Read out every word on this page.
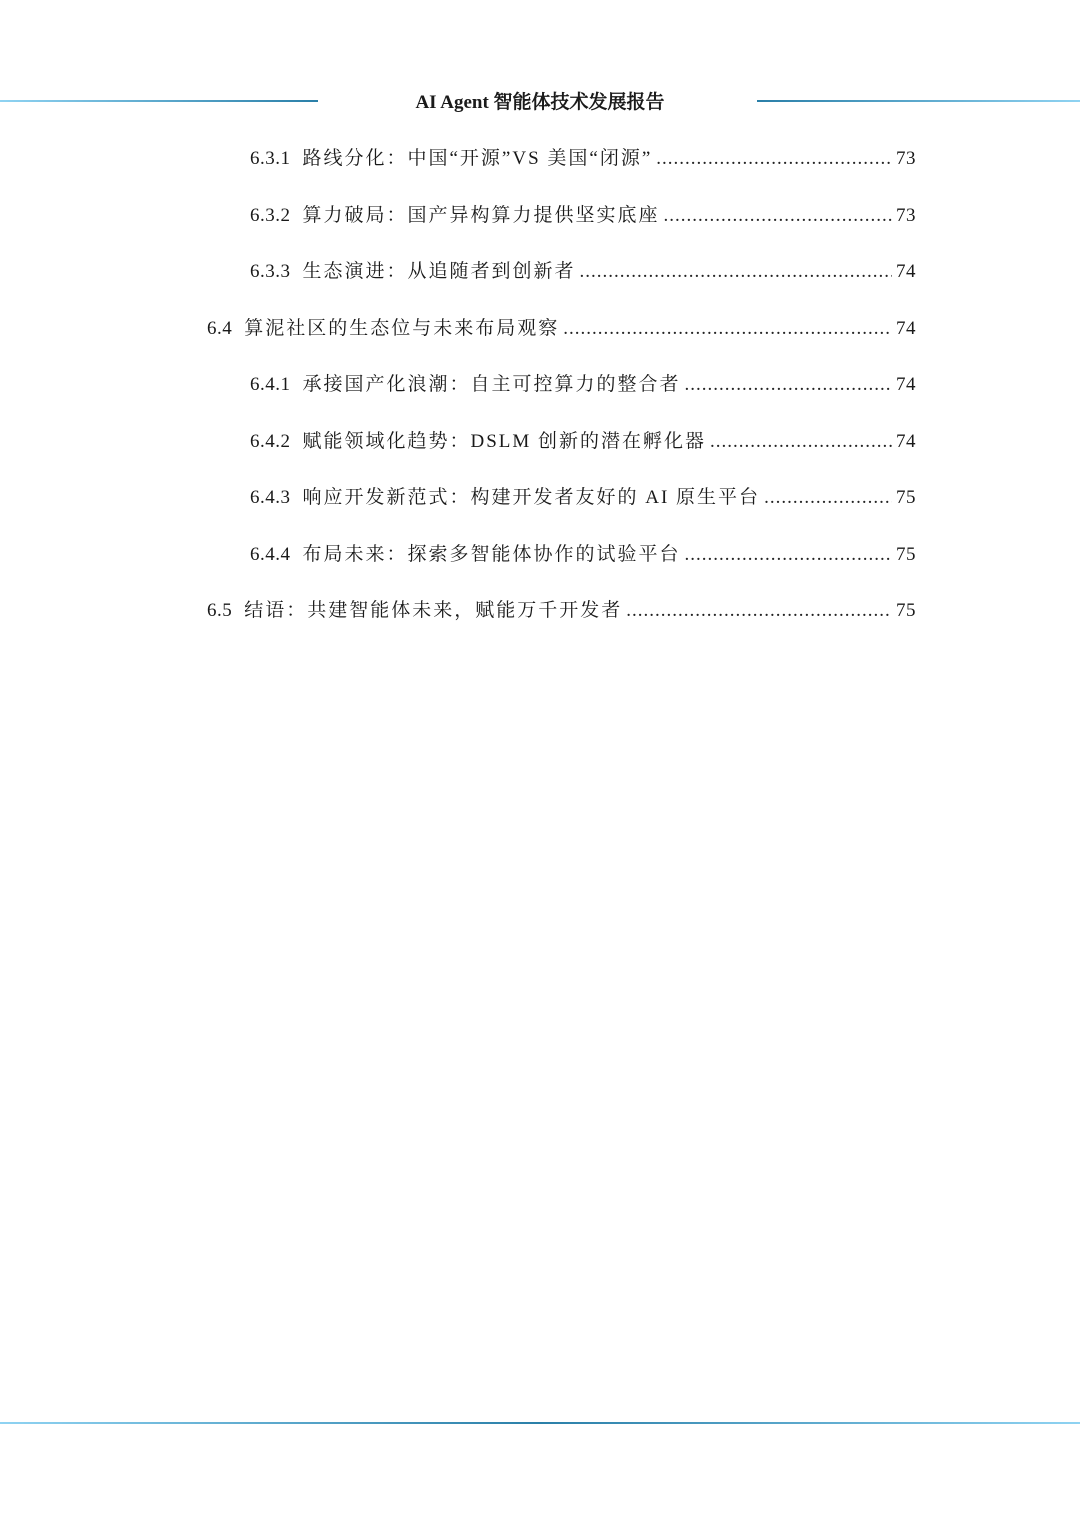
AI Agent 智能体技术发展报告
6.3.1 路线分化：中国“开源”VS 美国“闭源” .....	73
6.3.2 算力破局：国产异构算力提供坚实底座 .....	73
6.3.3 生态演进：从追随者到创新者 .....	74
6.4 算泥社区的生态位与未来布局观察 .....	74
6.4.1 承接国产化浪潮：自主可控算力的整合者 .....	74
6.4.2 赋能领域化趋势：DSLM 创新的潜在孵化器 .....	74
6.4.3 响应开发新范式：构建开发者友好的 AI 原生平台 .....	75
6.4.4 布局未来：探索多智能体协作的试验平台 .....	75
6.5 结语：共建智能体未来，赋能万千开发者 .....	75
